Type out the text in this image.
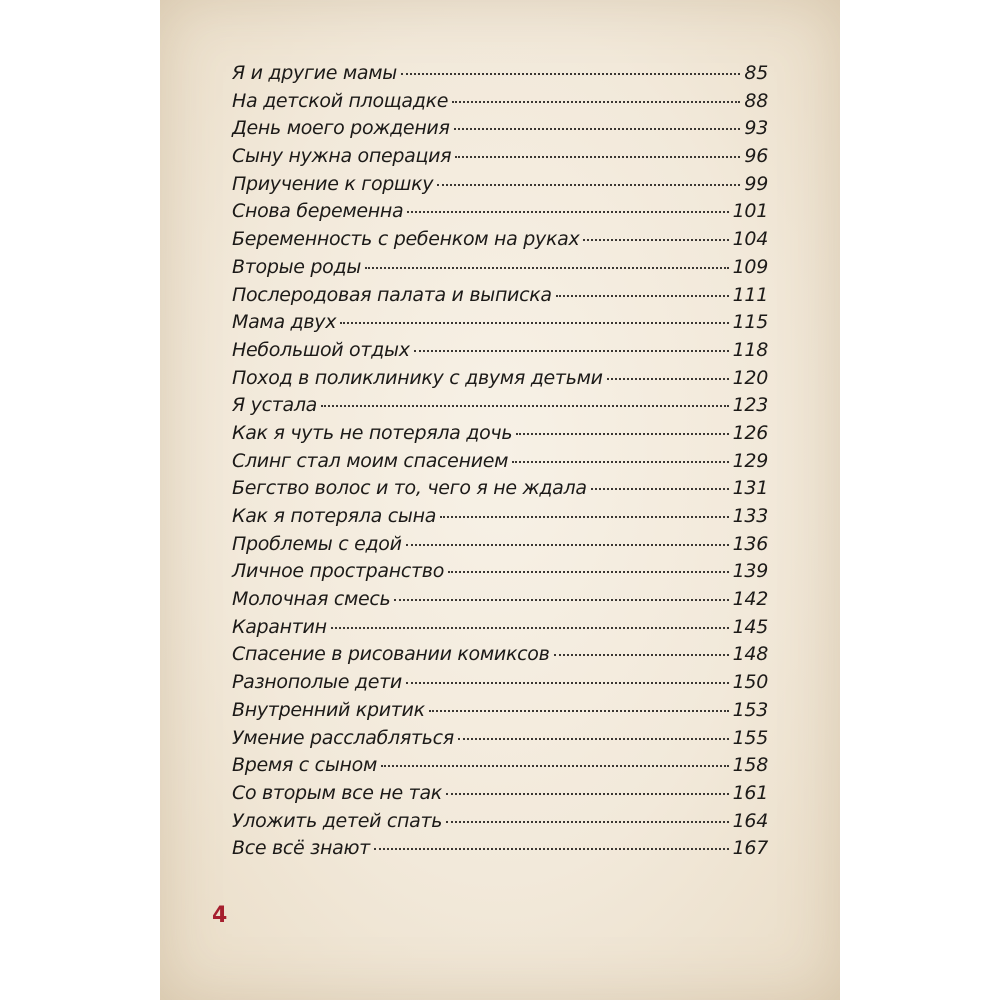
Я и другие мамы	85
На детской площадке	88
День моего рождения	93
Сыну нужна операция	96
Приучение к горшку	99
Снова беременна	101
Беременность с ребенком на руках	104
Вторые роды	109
Послеродовая палата и выписка	111
Мама двух	115
Небольшой отдых	118
Поход в поликлинику с двумя детьми	120
Я устала	123
Как я чуть не потеряла дочь	126
Слинг стал моим спасением	129
Бегство волос и то, чего я не ждала	131
Как я потеряла сына	133
Проблемы с едой	136
Личное пространство	139
Молочная смесь	142
Карантин	145
Спасение в рисовании комиксов	148
Разнополые дети	150
Внутренний критик	153
Умение расслабляться	155
Время с сыном	158
Со вторым все не так	161
Уложить детей спать	164
Все всё знают	167
4
